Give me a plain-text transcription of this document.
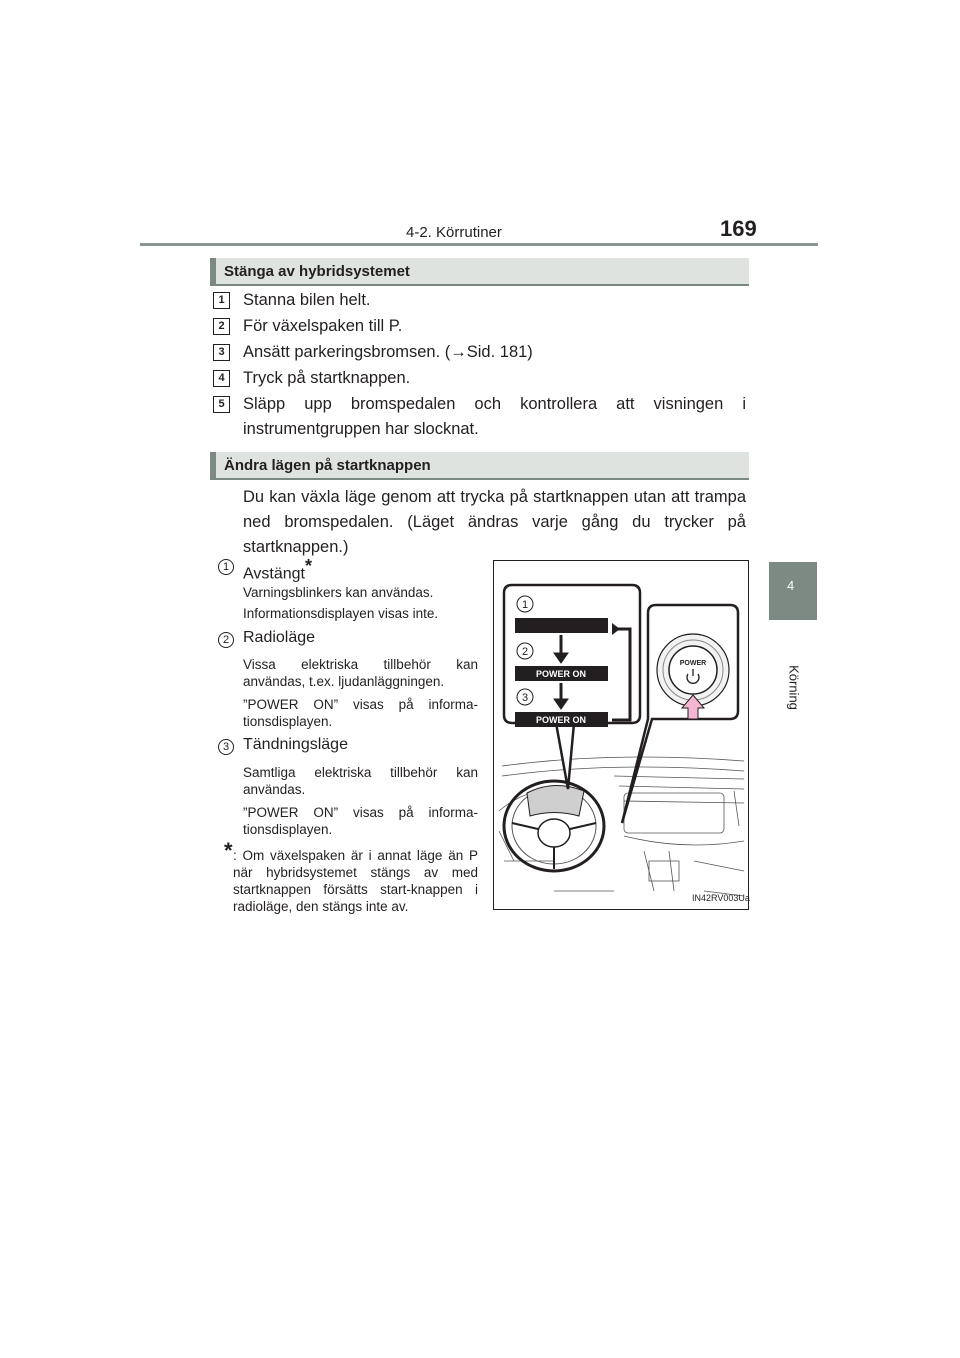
4-2. Körrutiner	169
4
Körning
Stänga av hybridsystemet
1	Stanna bilen helt.
2	För växelspaken till P.
3	Ansätt parkeringsbromsen. (→Sid. 181)
4	Tryck på startknappen.
5	Släpp upp bromspedalen och kontrollera att visningen i
instrumentgruppen har slocknat.
Ändra lägen på startknappen
Du kan växla läge genom att trycka på startknappen utan att trampa ned bromspedalen. (Läget ändras varje gång du trycker på startknappen.)
1 Avstängt*
Varningsblinkers kan användas.
Informationsdisplayen visas inte.
2 Radioläge
Vissa elektriska tillbehör kan användas, t.ex. ljudanläggningen.
”POWER ON” visas på informa-tionsdisplayen.
3 Tändningsläge
Samtliga elektriska tillbehör kan användas.
”POWER ON” visas på informa-tionsdisplayen.
* : Om växelspaken är i annat läge än P när hybridsystemet stängs av med startknappen försätts start-knappen i radioläge, den stängs inte av.
1
2
3
POWER ON
POWER ON
POWER
IN42RV003Ua
